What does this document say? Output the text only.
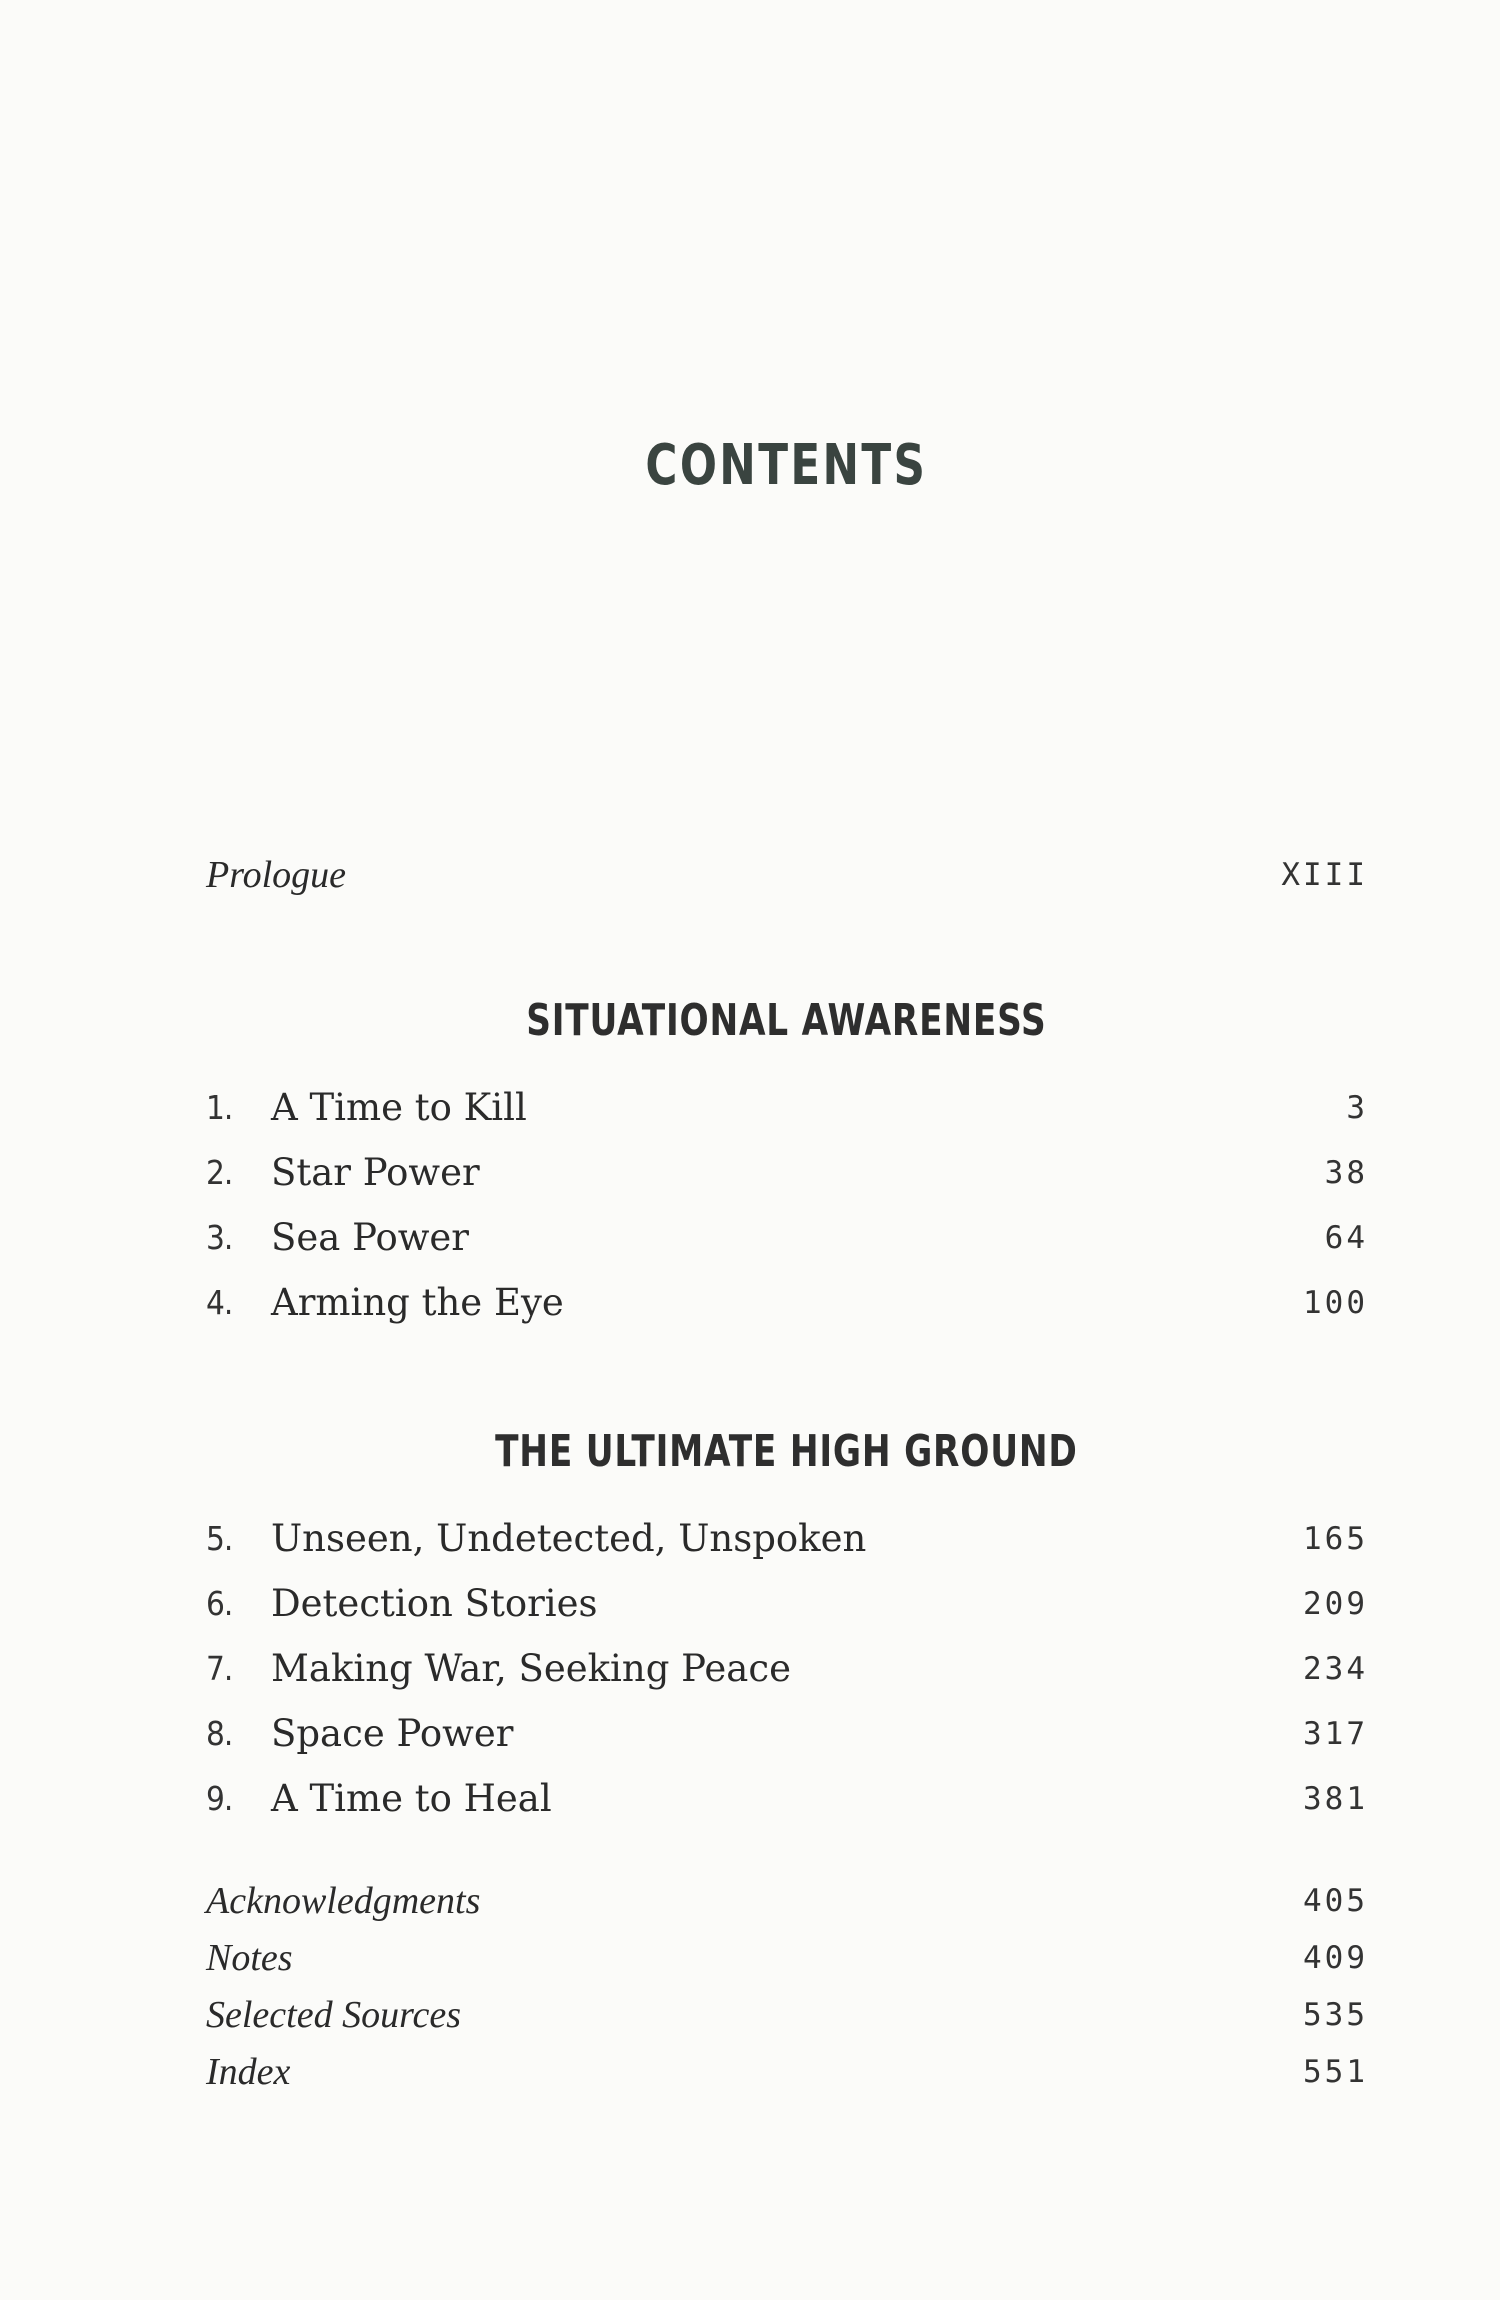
CONTENTS
Prologue	XIII
SITUATIONAL AWARENESS
1. A Time to Kill	3
2. Star Power	38
3. Sea Power	64
4. Arming the Eye	100
THE ULTIMATE HIGH GROUND
5. Unseen, Undetected, Unspoken	165
6. Detection Stories	209
7. Making War, Seeking Peace	234
8. Space Power	317
9. A Time to Heal	381
Acknowledgments	405
Notes	409
Selected Sources	535
Index	551
